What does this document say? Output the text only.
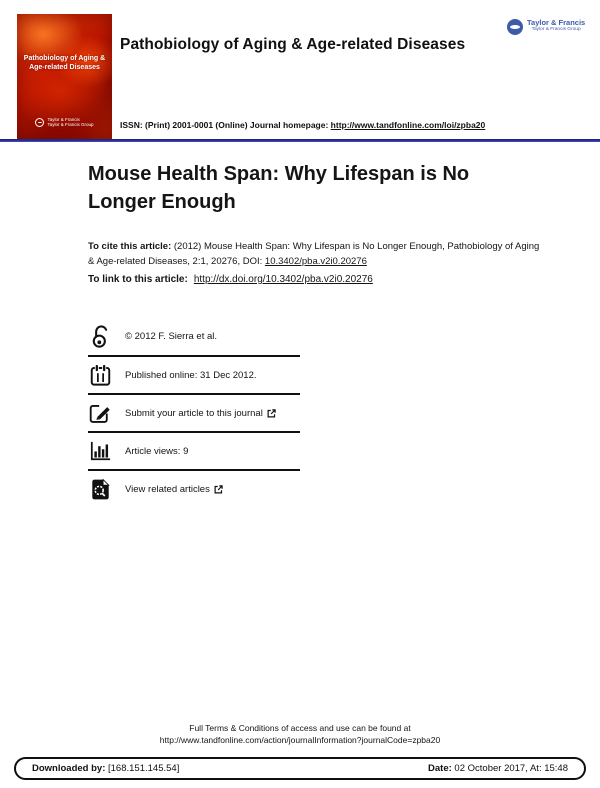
Pathobiology of Aging &
Age-related Diseases
Taylor & Francis
Taylor & Francis Group
Taylor & Francis
Taylor & Francis Group
Pathobiology of Aging & Age-related Diseases
ISSN: (Print) 2001-0001 (Online) Journal homepage: http://www.tandfonline.com/loi/zpba20
Mouse Health Span: Why Lifespan is No Longer Enough
To cite this article: (2012) Mouse Health Span: Why Lifespan is No Longer Enough, Pathobiology of Aging & Age-related Diseases, 2:1, 20276, DOI: 10.3402/pba.v2i0.20276
To link to this article: http://dx.doi.org/10.3402/pba.v2i0.20276
© 2012 F. Sierra et al.
Published online: 31 Dec 2012.
Submit your article to this journal
Article views: 9
View related articles
Full Terms & Conditions of access and use can be found at
http://www.tandfonline.com/action/journalInformation?journalCode=zpba20
Downloaded by: [168.151.145.54]	Date: 02 October 2017, At: 15:48
